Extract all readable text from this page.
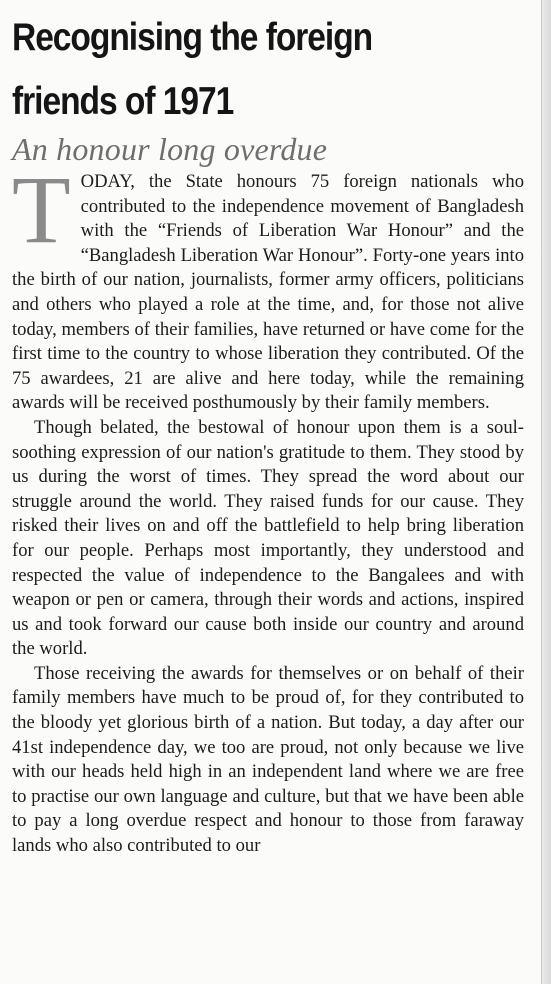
Recognising the foreign
friends of 1971
An honour long overdue

TODAY, the State honours 75 foreign nationals who contributed to the independence movement of Bangladesh with the “Friends of Liberation War Honour” and the “Bangladesh Liberation War Honour”. Forty-one years into the birth of our nation, journalists, former army officers, politicians and others who played a role at the time, and, for those not alive today, members of their families, have returned or have come for the first time to the country to whose liberation they contributed. Of the 75 awardees, 21 are alive and here today, while the remaining awards will be received posthumously by their family members.

Though belated, the bestowal of honour upon them is a soul-soothing expression of our nation's gratitude to them. They stood by us during the worst of times. They spread the word about our struggle around the world. They raised funds for our cause. They risked their lives on and off the battlefield to help bring liberation for our people. Perhaps most importantly, they understood and respected the value of independence to the Bangalees and with weapon or pen or camera, through their words and actions, inspired us and took forward our cause both inside our country and around the world.

Those receiving the awards for themselves or on behalf of their family members have much to be proud of, for they contributed to the bloody yet glorious birth of a nation. But today, a day after our 41st independence day, we too are proud, not only because we live with our heads held high in an independent land where we are free to practise our own language and culture, but that we have been able to pay a long overdue respect and honour to those from faraway lands who also contributed to our
